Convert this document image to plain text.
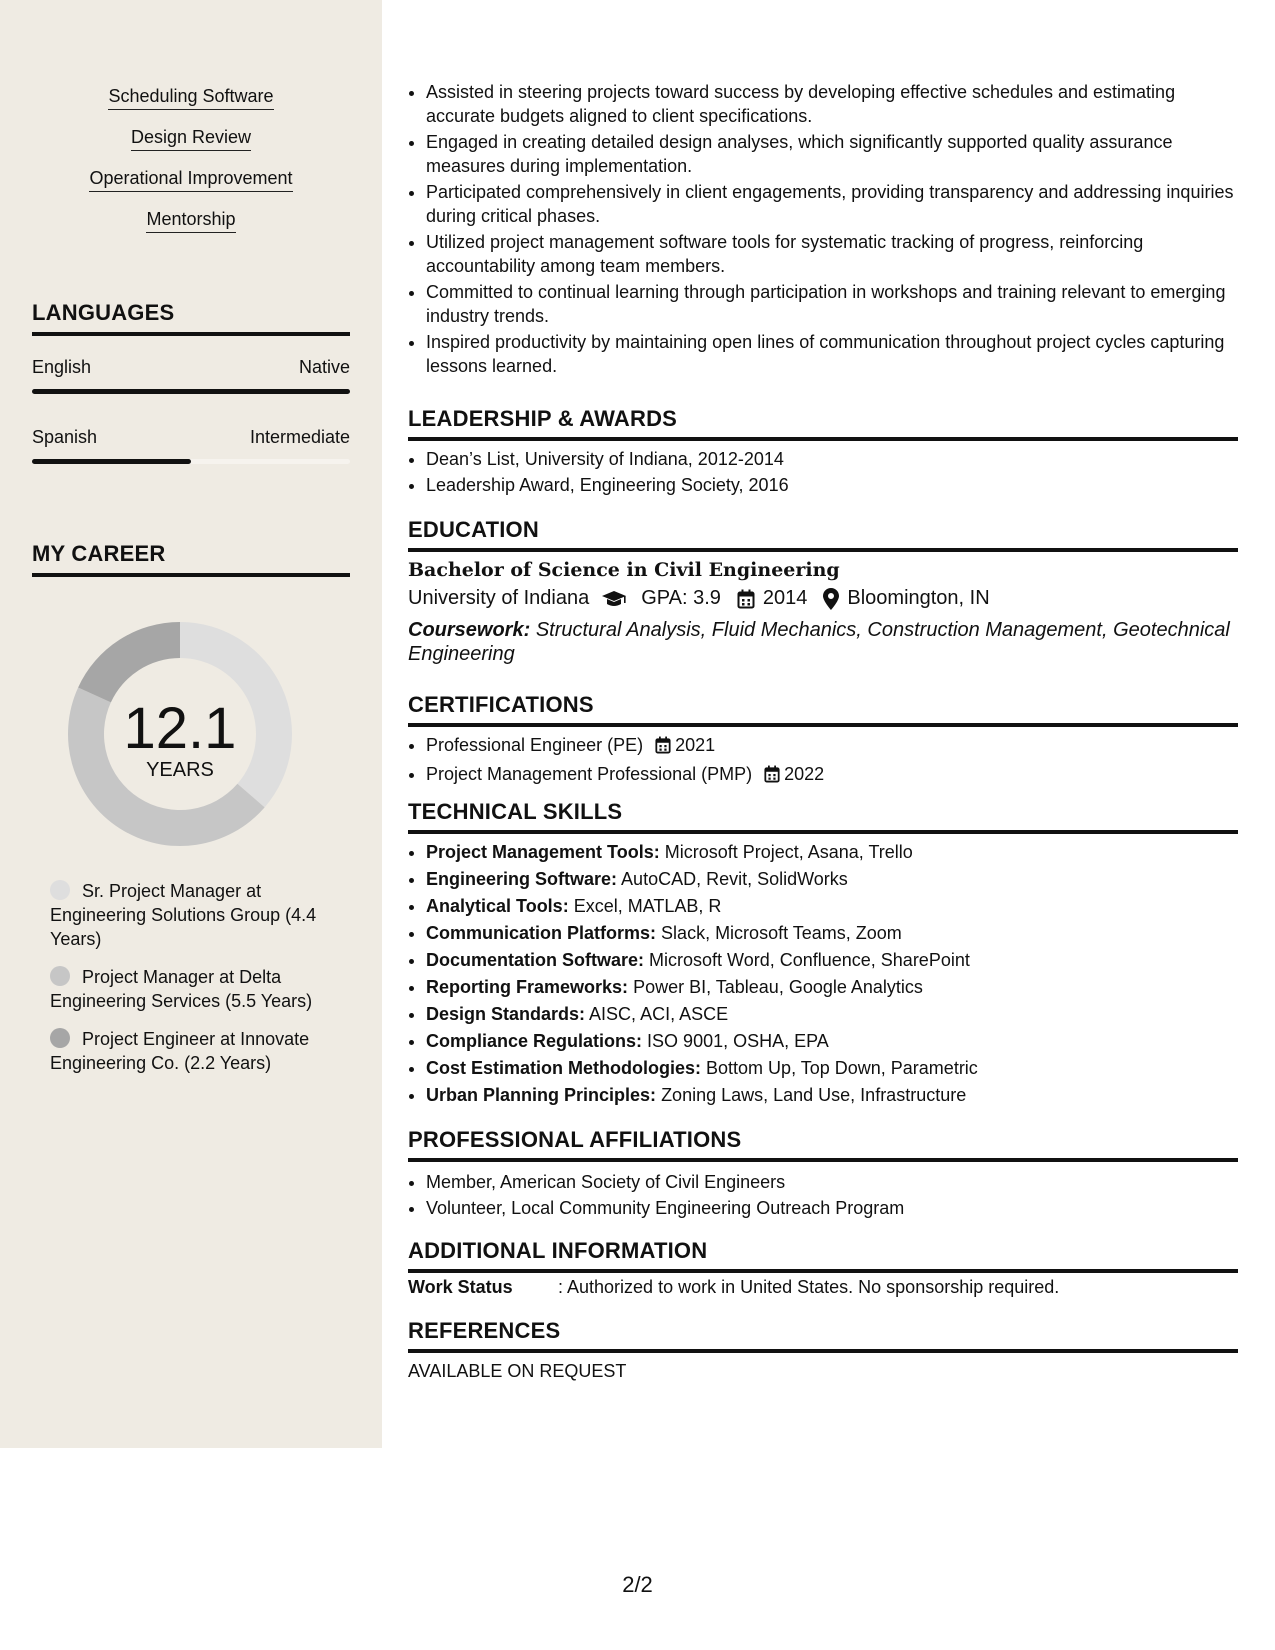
Scheduling Software
Design Review
Operational Improvement
Mentorship
LANGUAGES
English	Native
Spanish	Intermediate
MY CAREER
12.1
YEARS
Sr. Project Manager at Engineering Solutions Group (4.4 Years)
Project Manager at Delta Engineering Services (5.5 Years)
Project Engineer at Innovate Engineering Co. (2.2 Years)
• Assisted in steering projects toward success by developing effective schedules and estimating accurate budgets aligned to client specifications.
• Engaged in creating detailed design analyses, which significantly supported quality assurance measures during implementation.
• Participated comprehensively in client engagements, providing transparency and addressing inquiries during critical phases.
• Utilized project management software tools for systematic tracking of progress, reinforcing accountability among team members.
• Committed to continual learning through participation in workshops and training relevant to emerging industry trends.
• Inspired productivity by maintaining open lines of communication throughout project cycles capturing lessons learned.
LEADERSHIP & AWARDS
• Dean’s List, University of Indiana, 2012-2014
• Leadership Award, Engineering Society, 2016
EDUCATION
Bachelor of Science in Civil Engineering
University of Indiana	GPA: 3.9 2014 Bloomington, IN
Coursework: Structural Analysis, Fluid Mechanics, Construction Management, Geotechnical Engineering
CERTIFICATIONS
• Professional Engineer (PE) 2021
• Project Management Professional (PMP) 2022
TECHNICAL SKILLS
• Project Management Tools: Microsoft Project, Asana, Trello
• Engineering Software: AutoCAD, Revit, SolidWorks
• Analytical Tools: Excel, MATLAB, R
• Communication Platforms: Slack, Microsoft Teams, Zoom
• Documentation Software: Microsoft Word, Confluence, SharePoint
• Reporting Frameworks: Power BI, Tableau, Google Analytics
• Design Standards: AISC, ACI, ASCE
• Compliance Regulations: ISO 9001, OSHA, EPA
• Cost Estimation Methodologies: Bottom Up, Top Down, Parametric
• Urban Planning Principles: Zoning Laws, Land Use, Infrastructure
PROFESSIONAL AFFILIATIONS
• Member, American Society of Civil Engineers
• Volunteer, Local Community Engineering Outreach Program
ADDITIONAL INFORMATION
Work Status	: Authorized to work in United States. No sponsorship required.
REFERENCES
AVAILABLE ON REQUEST
2/2
